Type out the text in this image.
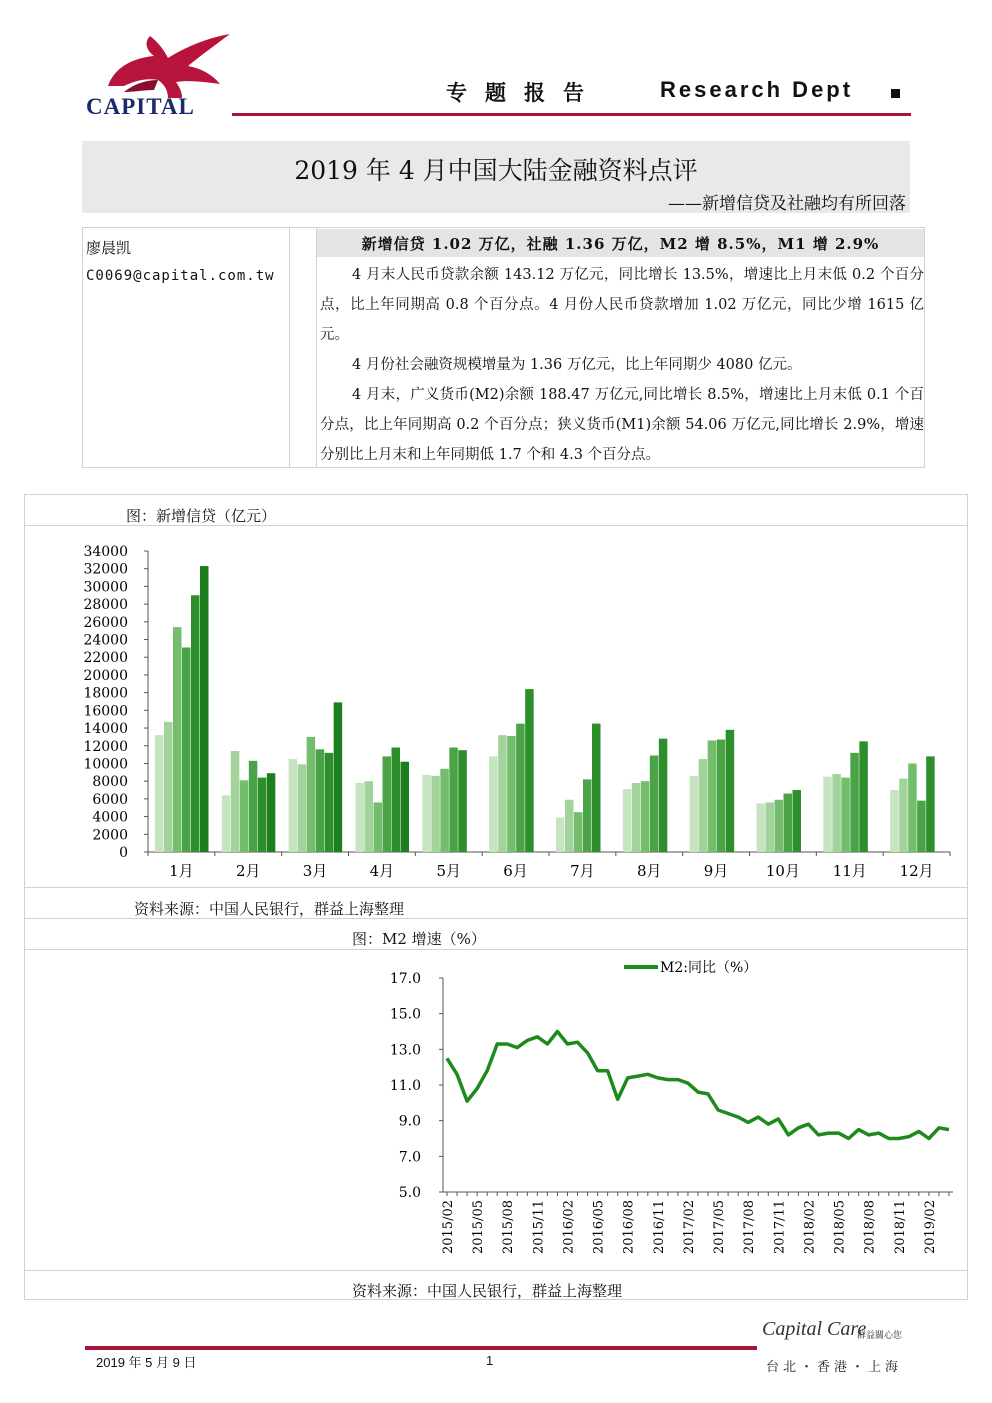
CAPITAL
专题报告	Research Dept
2019 年 4 月中国大陆金融资料点评
——新增信贷及社融均有所回落
廖晨凯
C0069@capital.com.tw
新增信贷 1.02 万亿，社融 1.36 万亿，M2 增 8.5%，M1 增 2.9%
4 月末人民币贷款余额 143.12 万亿元，同比增长 13.5%，增速比上月末低 0.2 个百分点，比上年同期高 0.8 个百分点。4 月份人民币贷款增加 1.02 万亿元，同比少增 1615 亿元。
4 月份社会融资规模增量为 1.36 万亿元，比上年同期少 4080 亿元。
4 月末，广义货币(M2)余额 188.47 万亿元,同比增长 8.5%，增速比上月末低 0.1 个百分点，比上年同期高 0.2 个百分点；狭义货币(M1)余额 54.06 万亿元,同比增长 2.9%，增速分别比上月末和上年同期低 1.7 个和 4.3 个百分点。
图：新增信贷（亿元）
0
2000
4000
6000
8000
10000
12000
14000
16000
18000
20000
22000
24000
26000
28000
30000
32000
34000
1月	2月	3月	4月	5月	6月	7月	8月	9月	10月 11月 12月
资料来源：中国人民银行，群益上海整理
图：M2 增速（%）
5.0
7.0
9.0
11.0
13.0
15.0
17.0
2015/02 2015/05 2015/08 2015/11 2016/02 2016/05 2016/08 2016/11 2017/02 2017/05 2017/08 2017/11 2018/02 2018/05 2018/08 2018/11 2019/02
M2:同比（%）
资料来源：中国人民银行，群益上海整理
Capital Care
群益關心您
2019 年 5 月 9 日	1	台北・香港・上海
